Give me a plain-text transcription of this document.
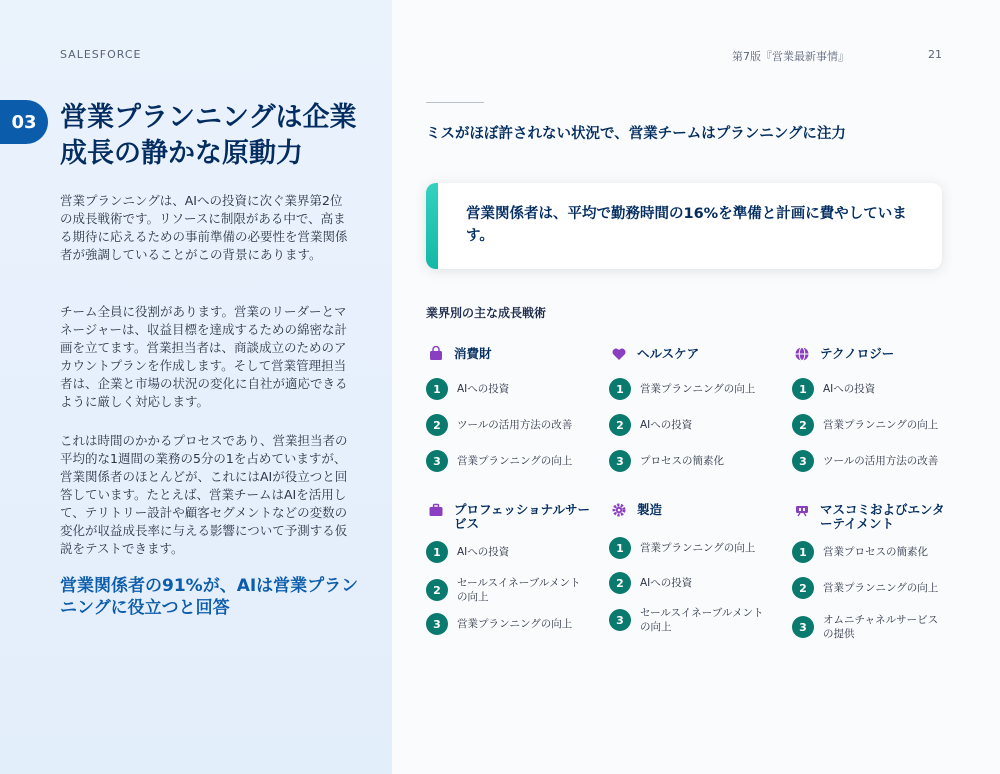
SALESFORCE	第7版『営業最新事情』	21
03 営業プランニングは企業成長の静かな原動力
営業プランニングは、AIへの投資に次ぐ業界第2位の成長戦術です。リソースに制限がある中で、高まる期待に応えるための事前準備の必要性を営業関係者が強調していることがこの背景にあります。
チーム全員に役割があります。営業のリーダーとマネージャーは、収益目標を達成するための綿密な計画を立てます。営業担当者は、商談成立のためのアカウントプランを作成します。そして営業管理担当者は、企業と市場の状況の変化に自社が適応できるように厳しく対応します。
これは時間のかかるプロセスであり、営業担当者の平均的な1週間の業務の5分の1を占めていますが、営業関係者のほとんどが、これにはAIが役立つと回答しています。たとえば、営業チームはAIを活用して、テリトリー設計や顧客セグメントなどの変数の変化が収益成長率に与える影響について予測する仮説をテストできます。
営業関係者の91%が、AIは営業プランニングに役立つと回答
ミスがほぼ許されない状況で、営業チームはプランニングに注力
営業関係者は、平均で勤務時間の16%を準備と計画に費やしています。
業界別の主な成長戦術
消費財
1	AIへの投資
2	ツールの活用方法の改善
3	営業プランニングの向上
ヘルスケア
1	営業プランニングの向上
2	AIへの投資
3	プロセスの簡素化
テクノロジー
1	AIへの投資
2	営業プランニングの向上
3	ツールの活用方法の改善
プロフェッショナルサービス
1	AIへの投資
2
セールスイネーブルメントの向上
3	営業プランニングの向上
製造
1	営業プランニングの向上
2	AIへの投資
3
セールスイネーブルメントの向上
マスコミおよびエンターテイメント
1	営業プロセスの簡素化
2	営業プランニングの向上
3
オムニチャネルサービスの提供
